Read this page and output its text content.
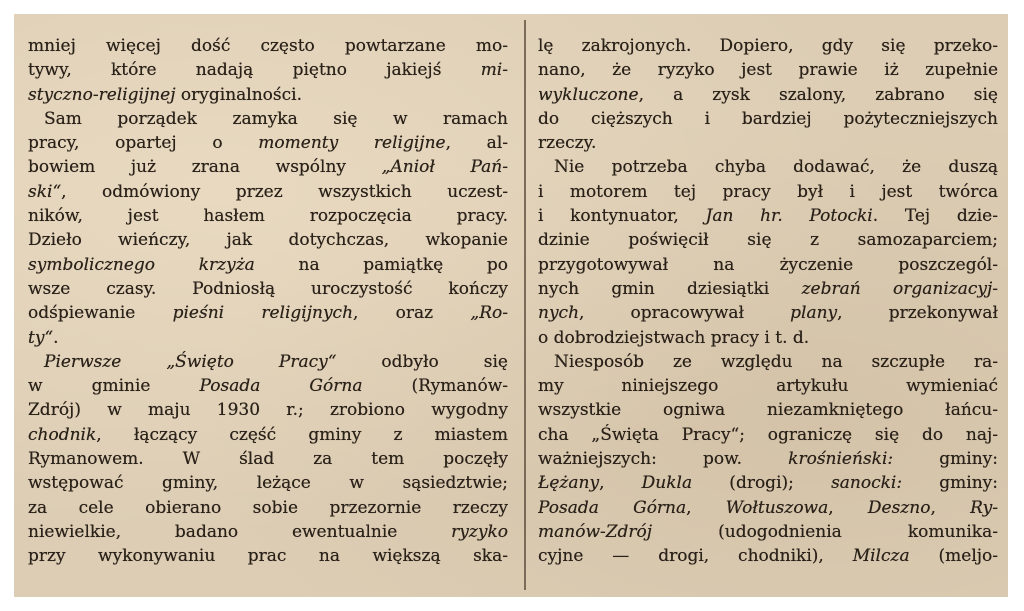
mniej więcej dość często powtarzane mo-
tywy, które nadają piętno jakiejś mi-
styczno-religijnej oryginalności.
Sam porządek zamyka się w ramach
pracy, opartej o momenty religijne, al-
bowiem już zrana wspólny „Anioł Pań-
ski“, odmówiony przez wszystkich uczest-
ników, jest hasłem rozpoczęcia pracy.
Dzieło wieńczy, jak dotychczas, wkopanie
symbolicznego krzyża na pamiątkę po
wsze czasy. Podniosłą uroczystość kończy
odśpiewanie pieśni religijnych, oraz „Ro-
ty“.
Pierwsze „Święto Pracy“ odbyło się
w gminie Posada Górna (Rymanów-
Zdrój) w maju 1930 r.; zrobiono wygodny
chodnik, łączący część gminy z miastem
Rymanowem. W ślad za tem poczęły
wstępować gminy, leżące w sąsiedztwie;
za cele obierano sobie przezornie rzeczy
niewielkie, badano ewentualnie ryzyko
przy wykonywaniu prac na większą ska-
lę zakrojonych. Dopiero, gdy się przeko-
nano, że ryzyko jest prawie iż zupełnie
wykluczone, a zysk szalony, zabrano się
do cięższych i bardziej pożyteczniejszych
rzeczy.
Nie potrzeba chyba dodawać, że duszą
i motorem tej pracy był i jest twórca
i kontynuator, Jan hr. Potocki. Tej dzie-
dzinie poświęcił się z samozaparciem;
przygotowywał na życzenie poszczegól-
nych gmin dziesiątki zebrań organizacyj-
nych, opracowywał plany, przekonywał
o dobrodziejstwach pracy i t. d.
Niesposób ze względu na szczupłe ra-
my niniejszego artykułu wymieniać
wszystkie ogniwa niezamkniętego łańcu-
cha „Święta Pracy“; ograniczę się do naj-
ważniejszych: pow. krośnieński: gminy:
Łężany, Dukla (drogi); sanocki: gminy:
Posada Górna, Wołtuszowa, Deszno, Ry-
manów-Zdrój (udogodnienia komunika-
cyjne — drogi, chodniki), Milcza (meljo-
